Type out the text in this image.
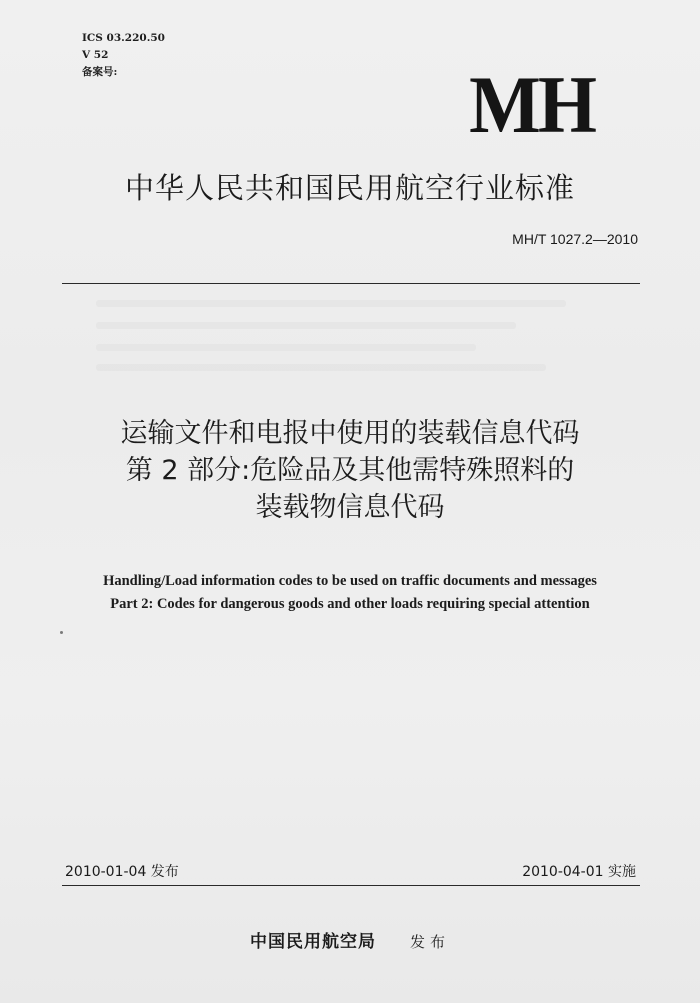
ICS 03.220.50
V 52
备案号:	MH
中华人民共和国民用航空行业标准
MH/T 1027.2—2010
运输文件和电报中使用的装载信息代码
第 2 部分:危险品及其他需特殊照料的
装载物信息代码
Handling/Load information codes to be used on traffic documents and messages
Part 2: Codes for dangerous goods and other loads requiring special attention
2010-01-04 发布	2010-04-01 实施
中国民用航空局 发布
